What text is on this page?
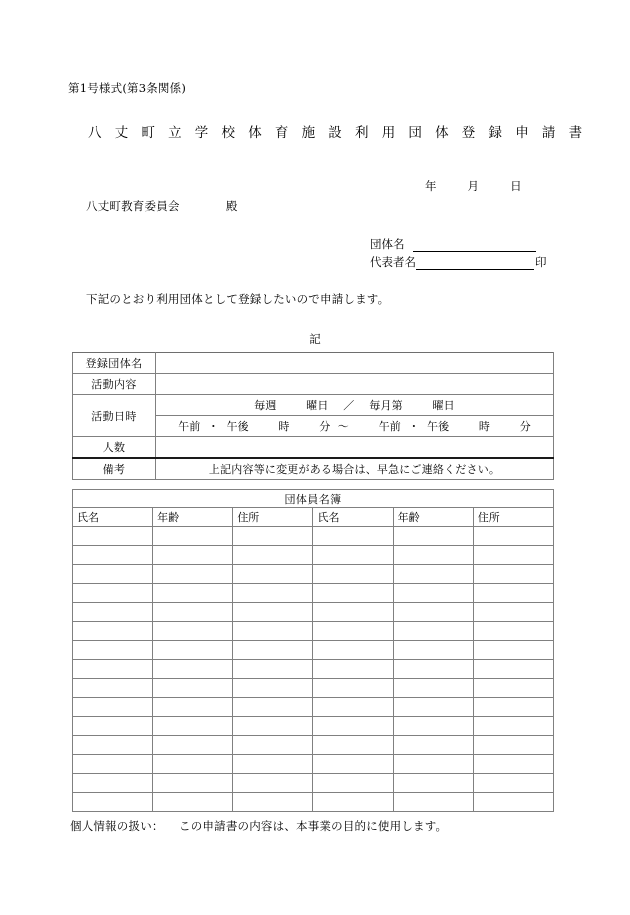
第1号様式(第3条関係)
八丈町立学校体育施設利用団体登録申請書
年        月        日
八丈町教育委員会            殿
団体名
代表者名	印
下記のとおり利用団体として登録したいので申請します。
記
登録団体名	
活動内容	
活動日時	毎週        曜日    ／    毎月第        曜日
	午前  ・  午後        時        分  ～        午前  ・  午後        時        分
人数	
備考	上記内容等に変更がある場合は、早急にご連絡ください。
団体員名簿					
氏名	年齢	住所	氏名	年齢	住所

個人情報の扱い：    この申請書の内容は、本事業の目的に使用します。
